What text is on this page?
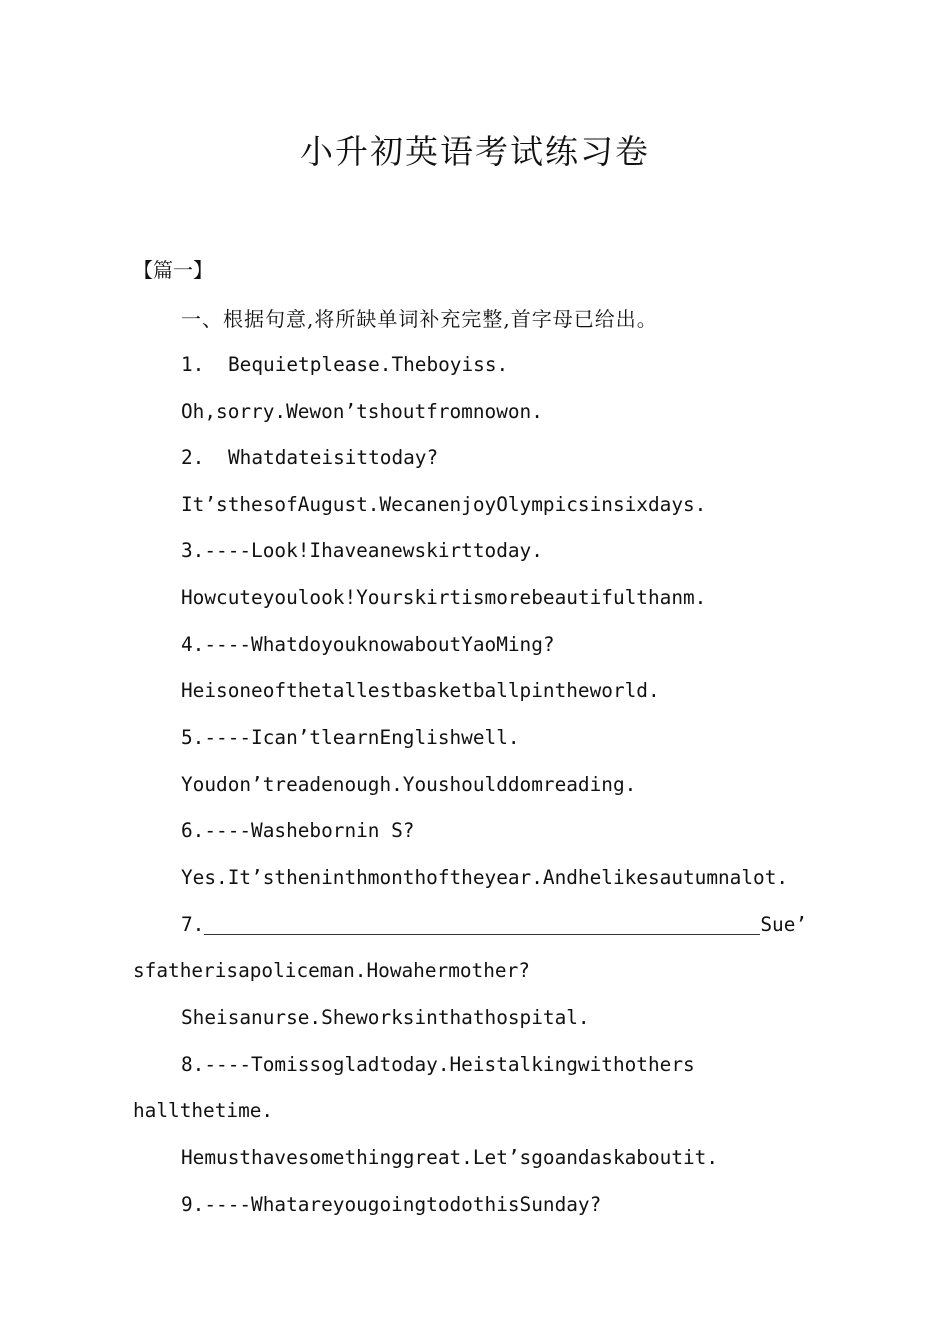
小升初英语考试练习卷
【篇一】
一、根据句意,将所缺单词补充完整,首字母已给出。
1. Bequietplease.Theboyiss.
Oh,sorry.Wewon’tshoutfromnowon.
2. Whatdateisittoday?
It’sthesofAugust.WecanenjoyOlympicsinsixdays.
3.----Look!Ihaveanewskirttoday.
Howcuteyoulook!Yourskirtismorebeautifulthanm.
4.----WhatdoyouknowaboutYaoMing?
Heisoneofthetallestbasketballpintheworld.
5.----Ican’tlearnEnglishwell.
Youdon’treadenough.Youshoulddomreading.
6.----Washebornin S?
Yes.It’stheninthmonthoftheyear.Andhelikesautumnalot.
7.	Sue’
sfatherisapoliceman.Howahermother?
Sheisanurse.Sheworksinthathospital.
8.----Tomissogladtoday.Heistalkingwithothers
hallthetime.
Hemusthavesomethinggreat.Let’sgoandaskaboutit.
9.----WhatareyougoingtodothisSunday?
